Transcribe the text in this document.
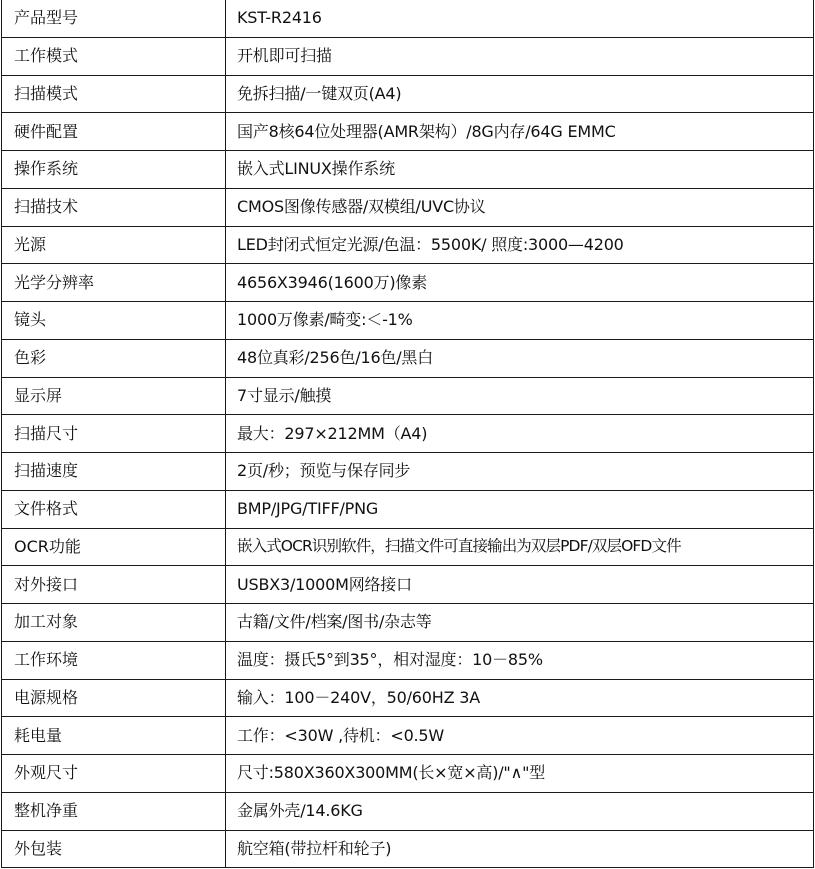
产品型号	KST-R2416
工作模式	开机即可扫描
扫描模式	免拆扫描/一键双页(A4)
硬件配置	国产8核64位处理器(AMR架构）/8G内存/64G EMMC
操作系统	嵌入式LINUX操作系统
扫描技术	CMOS图像传感器/双模组/UVC协议
光源	LED封闭式恒定光源/色温：5500K/ 照度:3000—4200
光学分辨率	4656X3946(1600万)像素
镜头	1000万像素/畸变:＜-1%
色彩	48位真彩/256色/16色/黑白
显示屏	7寸显示/触摸
扫描尺寸	最大：297×212MM（A4)
扫描速度	2页/秒；预览与保存同步
文件格式	BMP/JPG/TIFF/PNG
OCR功能	嵌入式OCR识别软件，扫描文件可直接输出为双层PDF/双层OFD文件
对外接口	USBX3/1000M网络接口
加工对象	古籍/文件/档案/图书/杂志等
工作环境	温度：摄氏5°到35°，相对湿度：10－85%
电源规格	输入：100－240V，50/60HZ 3A
耗电量	工作：<30W ,待机：<0.5W
外观尺寸	尺寸:580X360X300MM(长×宽×高)/"∧"型
整机净重	金属外壳/14.6KG
外包装	航空箱(带拉杆和轮子)
